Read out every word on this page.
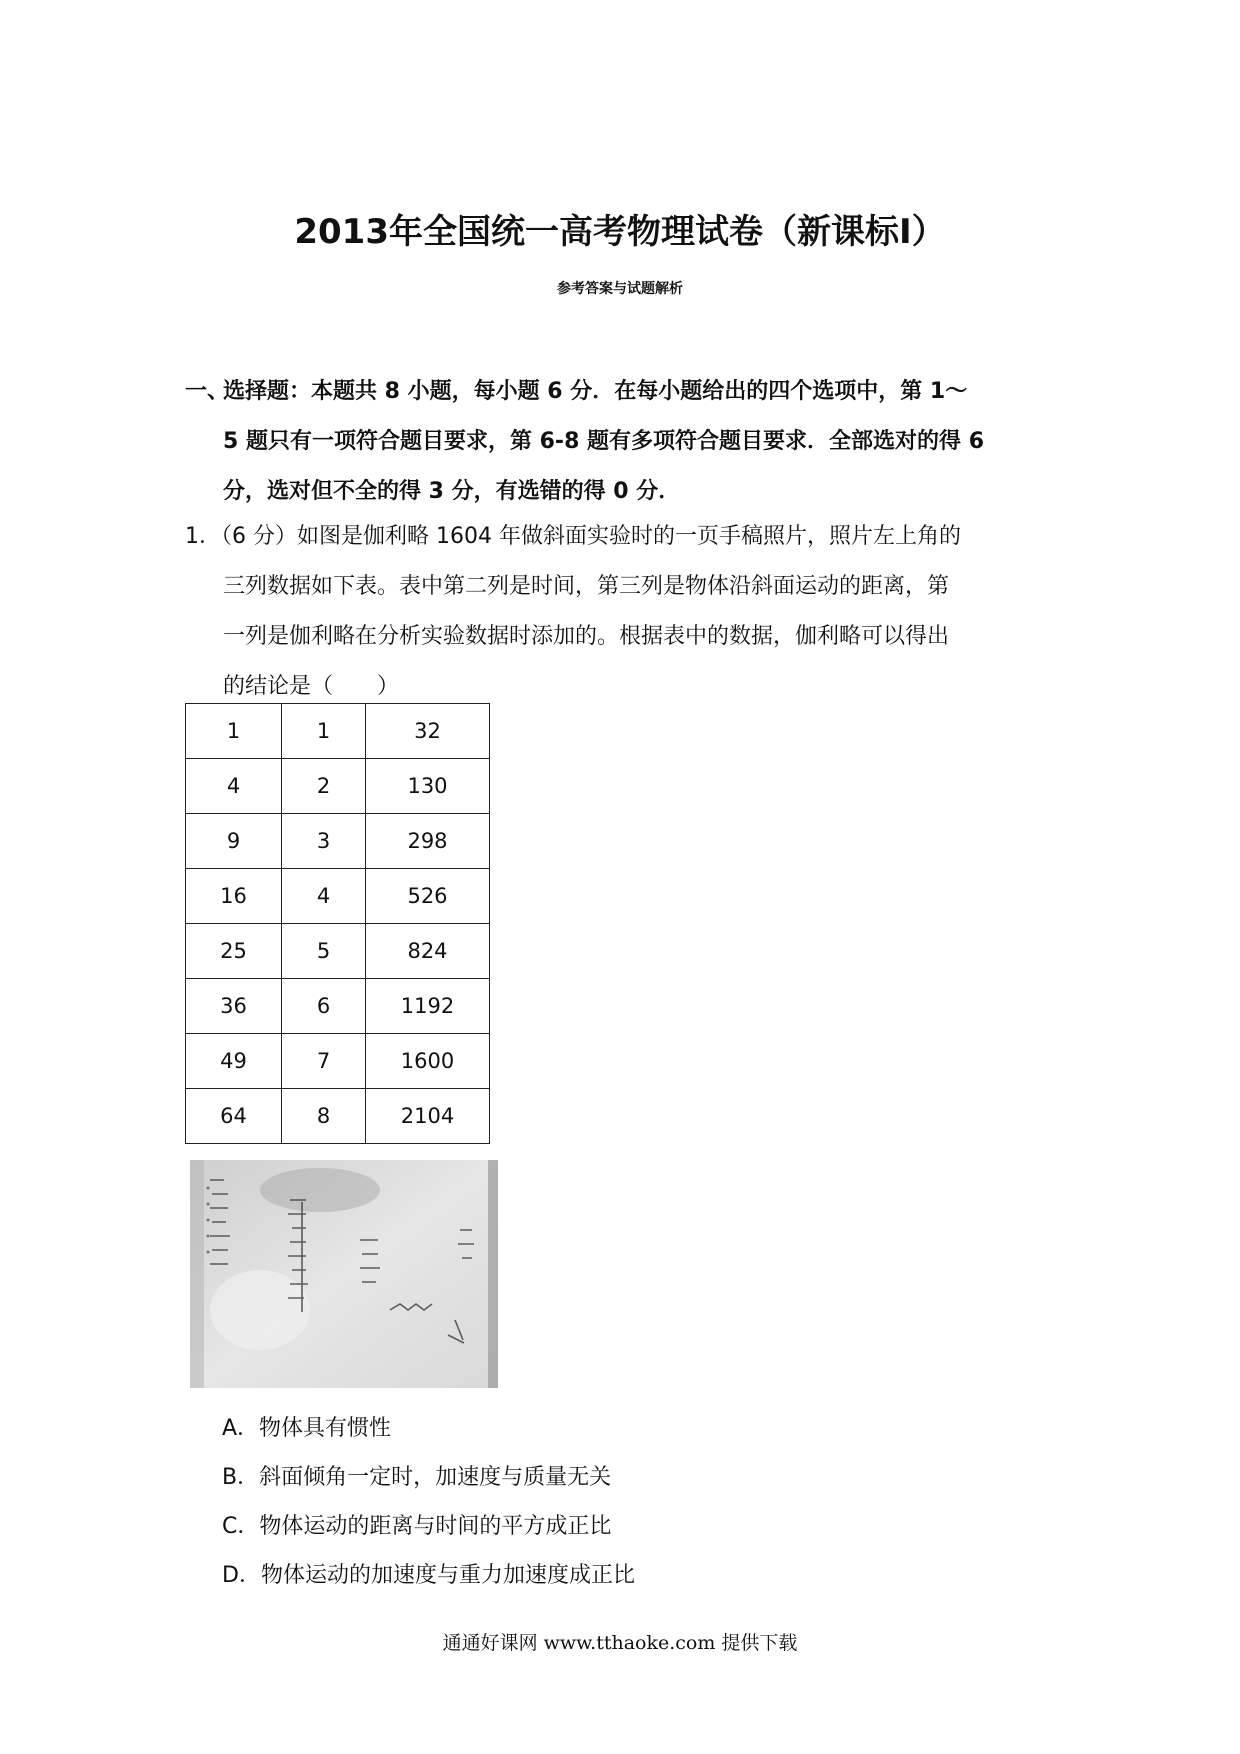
2013年全国统一高考物理试卷（新课标Ⅰ）
参考答案与试题解析
一、
选择题：本题共 8 小题，每小题 6 分．在每小题给出的四个选项中，第 1～
5 题只有一项符合题目要求，第 6-8 题有多项符合题目要求．全部选对的得 6
分，选对但不全的得 3 分，有选错的得 0 分．
1．（6 分）如图是伽利略 1604 年做斜面实验时的一页手稿照片，照片左上角的
三列数据如下表。表中第二列是时间，第三列是物体沿斜面运动的距离，第
一列是伽利略在分析实验数据时添加的。根据表中的数据，伽利略可以得出
的结论是（　　）
1	1	32
4	2	130
9	3	298
16	4	526
25	5	824
36	6	1192
49	7	1600
64	8	2104
A．物体具有惯性
B．斜面倾角一定时，加速度与质量无关
C．物体运动的距离与时间的平方成正比
D．物体运动的加速度与重力加速度成正比
通通好课网 www.tthaoke.com 提供下载
